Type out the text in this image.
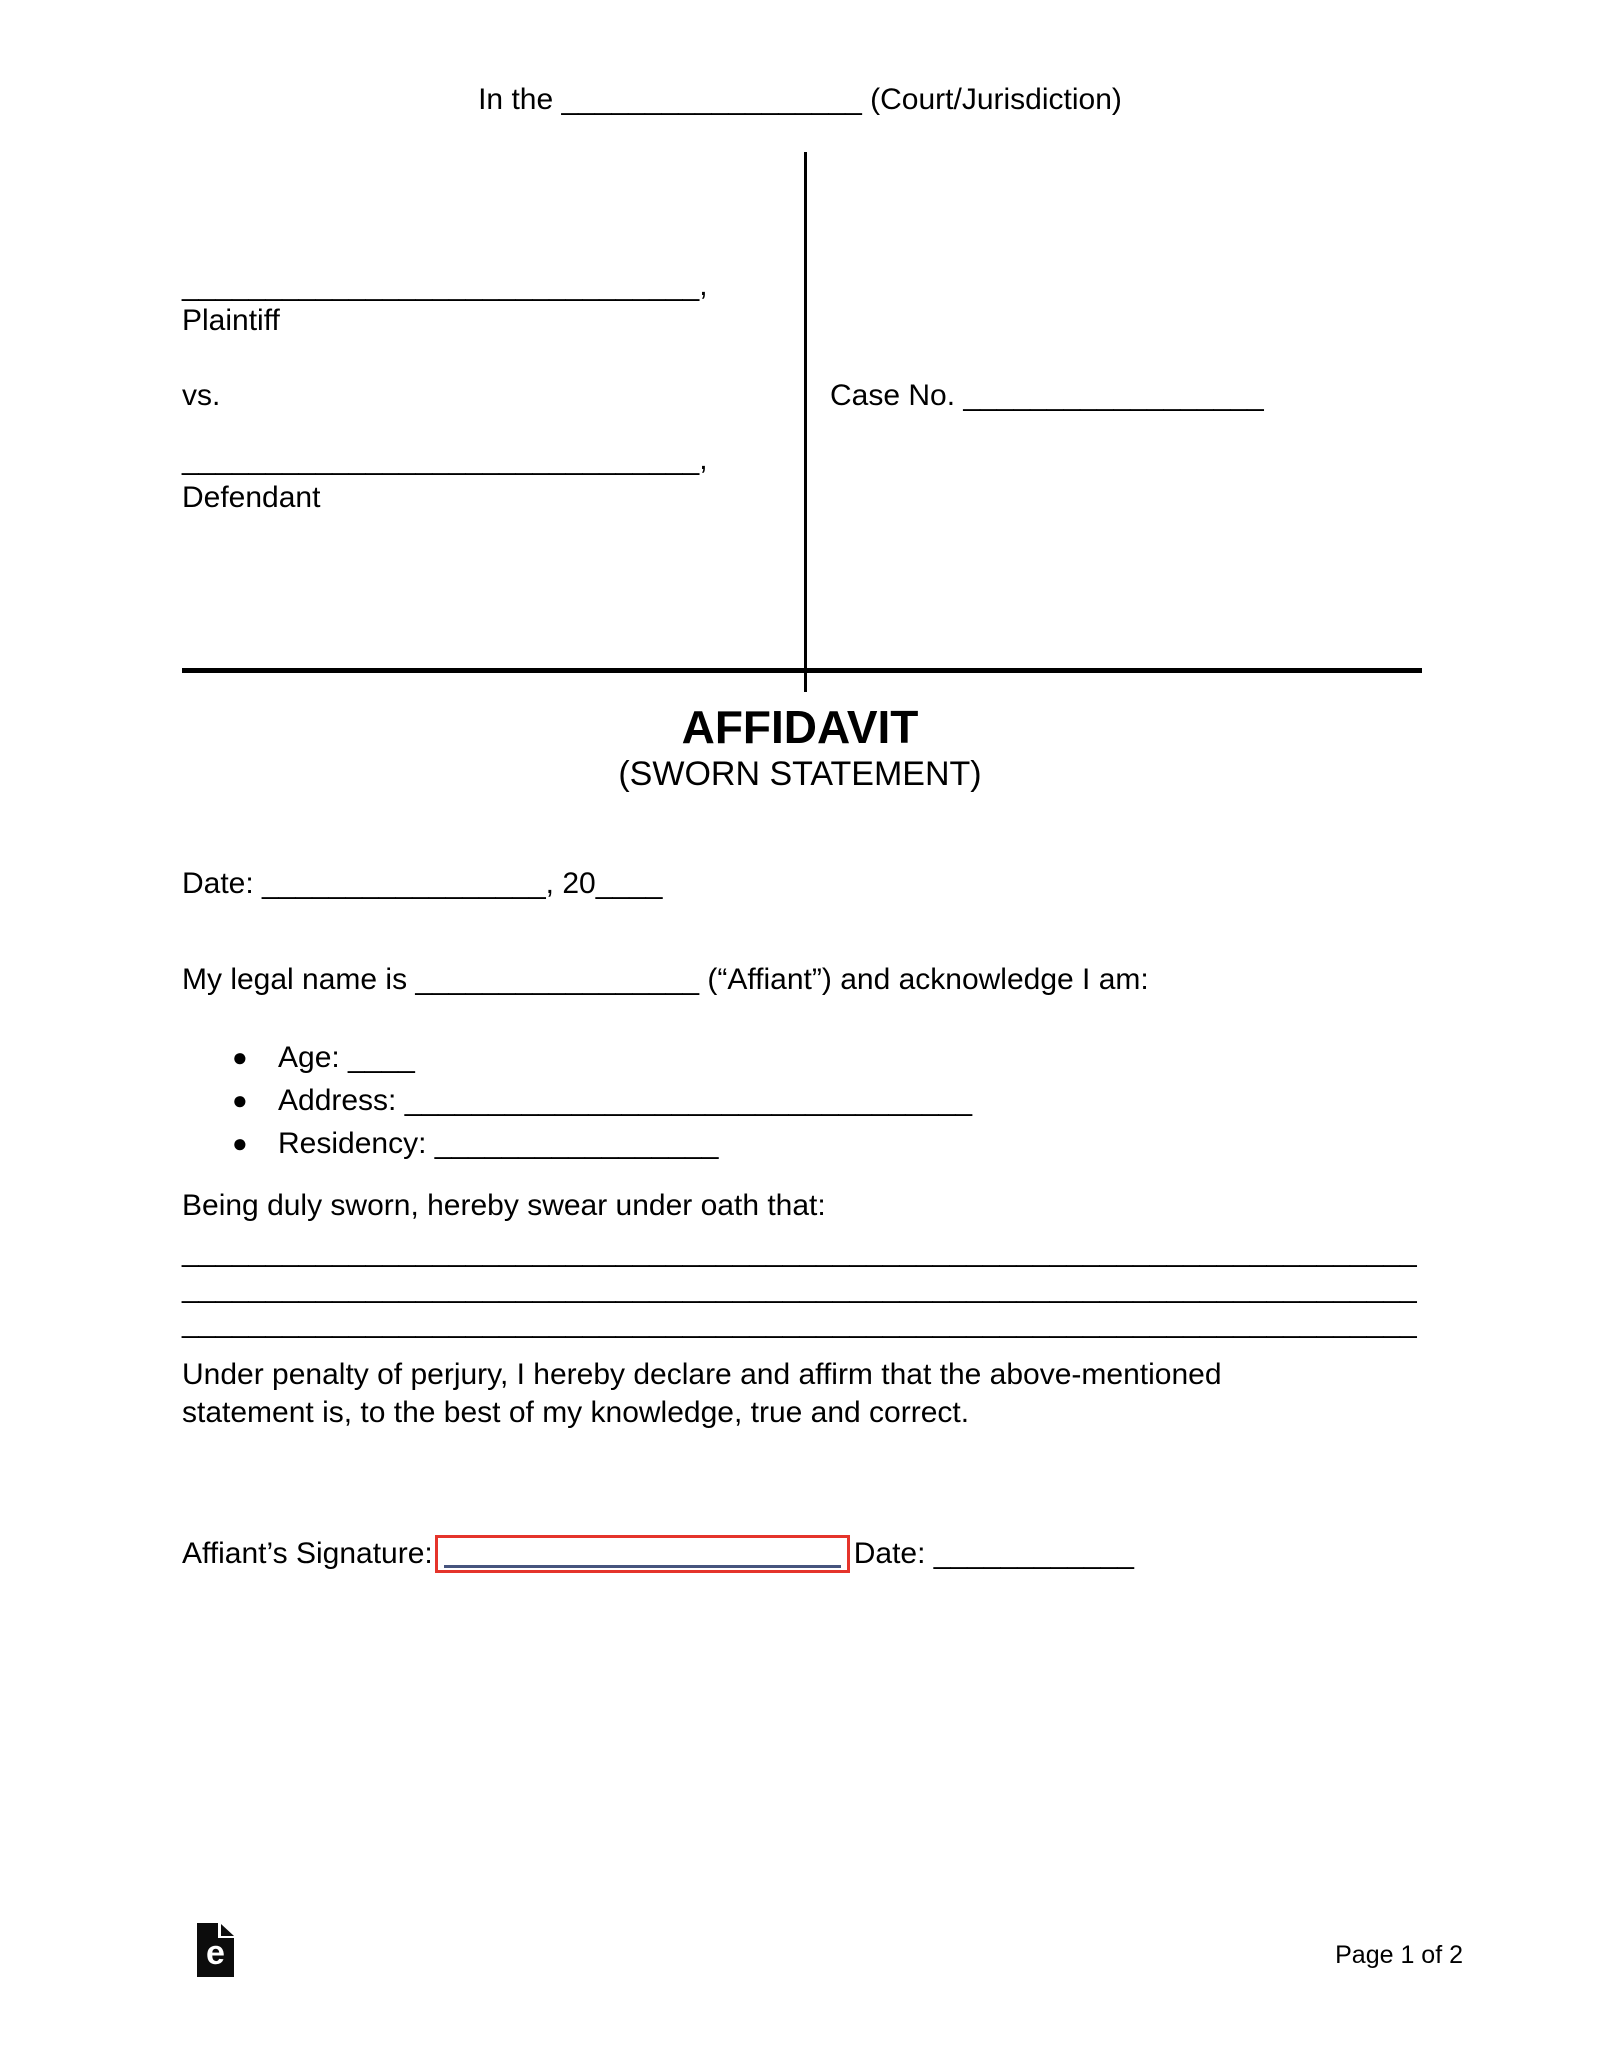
In the __________________ (Court/Jurisdiction)
_______________________________,
Plaintiff
vs.
_______________________________,
Defendant
Case No. __________________
AFFIDAVIT
(SWORN STATEMENT)
Date: _________________, 20____
My legal name is _________________ (“Affiant”) and acknowledge I am:
●	Age: ____
●	Address: __________________________________
●	Residency: _________________
Being duly sworn, hereby swear under oath that:
__________________________________________________________________________
__________________________________________________________________________
__________________________________________________________________________
Under penalty of perjury, I hereby declare and affirm that the above-mentioned
statement is, to the best of my knowledge, true and correct.
Affiant’s Signature:	Date: ____________
e	Page 1 of 2
